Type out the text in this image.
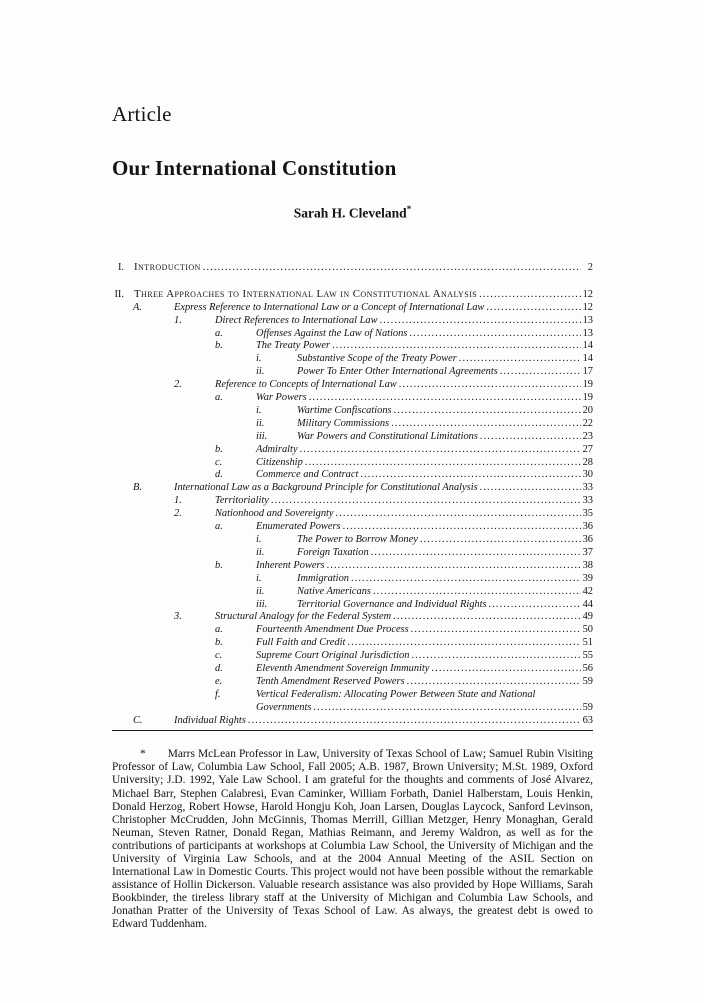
Article
Our International Constitution
Sarah H. Cleveland*
I. Introduction .....	2
II. Three Approaches to International Law in Constitutional Analysis .....	12
A.	Express Reference to International Law or a Concept of International Law .....	12
1.	Direct References to International Law .....	13
a.	Offenses Against the Law of Nations .....	13
b.	The Treaty Power .....	14
i.	Substantive Scope of the Treaty Power .....	14
ii.	Power To Enter Other International Agreements .....	17
2.	Reference to Concepts of International Law .....	19
a.	War Powers .....	19
i.	Wartime Confiscations .....	20
ii.	Military Commissions .....	22
iii.	War Powers and Constitutional Limitations .....	23
b.	Admiralty .....	27
c.	Citizenship .....	28
d.	Commerce and Contract .....	30
B.	International Law as a Background Principle for Constitutional Analysis .....	33
1.	Territoriality .....	33
2.	Nationhood and Sovereignty .....	35
a.	Enumerated Powers .....	36
i.	The Power to Borrow Money .....	36
ii.	Foreign Taxation .....	37
b.	Inherent Powers .....	38
i.	Immigration .....	39
ii.	Native Americans .....	42
iii.	Territorial Governance and Individual Rights .....	44
3.	Structural Analogy for the Federal System .....	49
a.	Fourteenth Amendment Due Process .....	50
b.	Full Faith and Credit .....	51
c.	Supreme Court Original Jurisdiction .....	55
d.	Eleventh Amendment Sovereign Immunity .....	56
e.	Tenth Amendment Reserved Powers .....	59
f.	Vertical Federalism: Allocating Power Between State and National
Governments .....	59
C.	Individual Rights .....	63

* Marrs McLean Professor in Law, University of Texas School of Law; Samuel Rubin Visiting Professor of Law, Columbia Law School, Fall 2005; A.B. 1987, Brown University; M.St. 1989, Oxford University; J.D. 1992, Yale Law School. I am grateful for the thoughts and comments of José Alvarez, Michael Barr, Stephen Calabresi, Evan Caminker, William Forbath, Daniel Halberstam, Louis Henkin, Donald Herzog, Robert Howse, Harold Hongju Koh, Joan Larsen, Douglas Laycock, Sanford Levinson, Christopher McCrudden, John McGinnis, Thomas Merrill, Gillian Metzger, Henry Monaghan, Gerald Neuman, Steven Ratner, Donald Regan, Mathias Reimann, and Jeremy Waldron, as well as for the contributions of participants at workshops at Columbia Law School, the University of Michigan and the University of Virginia Law Schools, and at the 2004 Annual Meeting of the ASIL Section on International Law in Domestic Courts. This project would not have been possible without the remarkable assistance of Hollin Dickerson. Valuable research assistance was also provided by Hope Williams, Sarah Bookbinder, the tireless library staff at the University of Michigan and Columbia Law Schools, and Jonathan Pratter of the University of Texas School of Law. As always, the greatest debt is owed to Edward Tuddenham.
